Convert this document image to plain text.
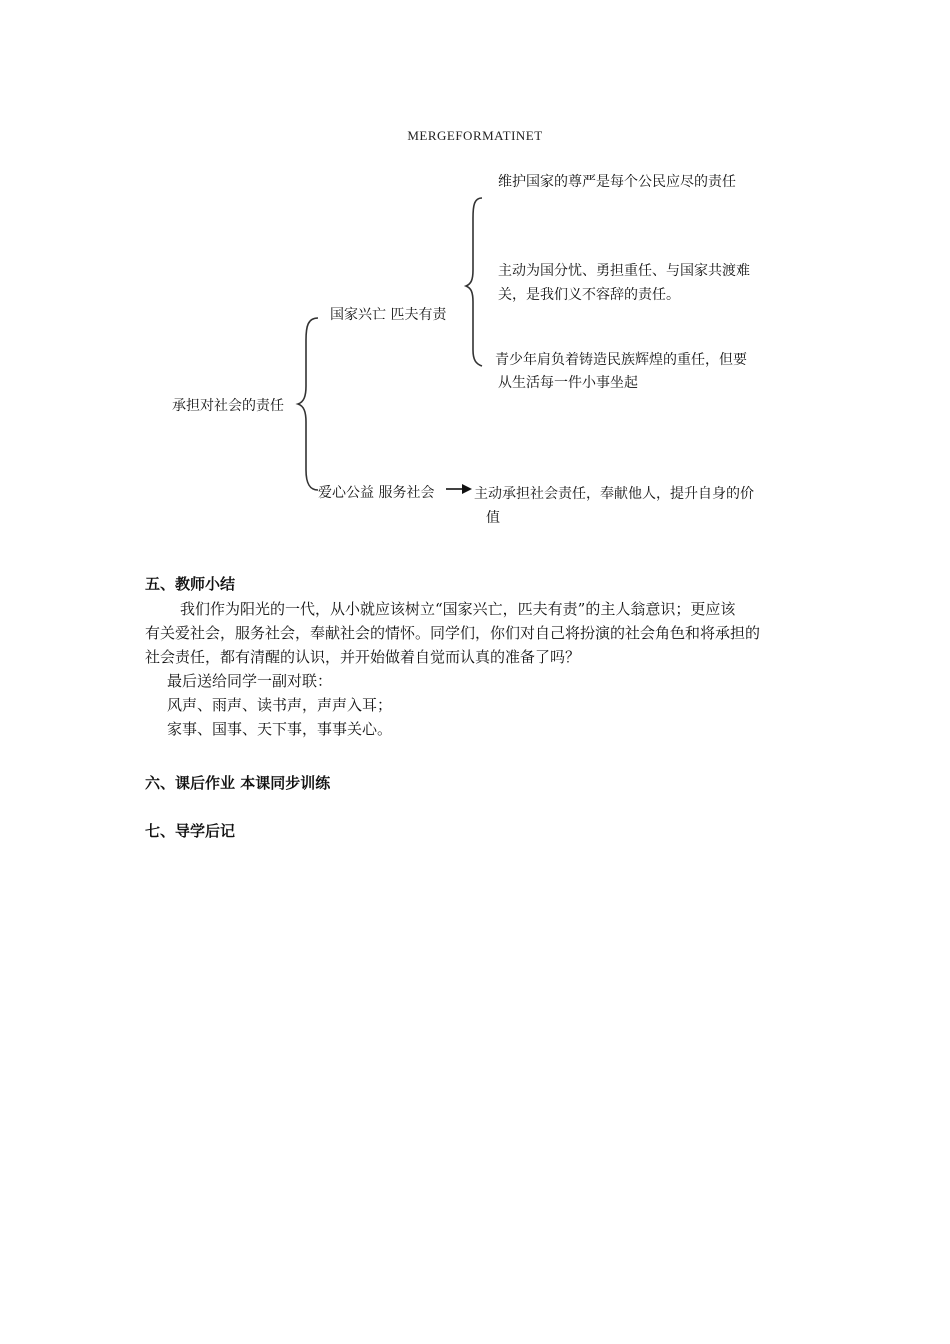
MERGEFORMATINET
承担对社会的责任
国家兴亡 匹夫有责
爱心公益 服务社会
维护国家的尊严是每个公民应尽的责任
主动为国分忧、勇担重任、与国家共渡难
关，是我们义不容辞的责任。
青少年肩负着铸造民族辉煌的重任，但要
从生活每一件小事坐起
主动承担社会责任，奉献他人，提升自身的价
值
五、教师小结
我们作为阳光的一代，从小就应该树立“国家兴亡，匹夫有责”的主人翁意识；更应该
有关爱社会，服务社会，奉献社会的情怀。同学们，你们对自己将扮演的社会角色和将承担的
社会责任，都有清醒的认识，并开始做着自觉而认真的准备了吗？
最后送给同学一副对联：
风声、雨声、读书声，声声入耳；
家事、国事、天下事，事事关心。
六、课后作业 本课同步训练
七、导学后记
